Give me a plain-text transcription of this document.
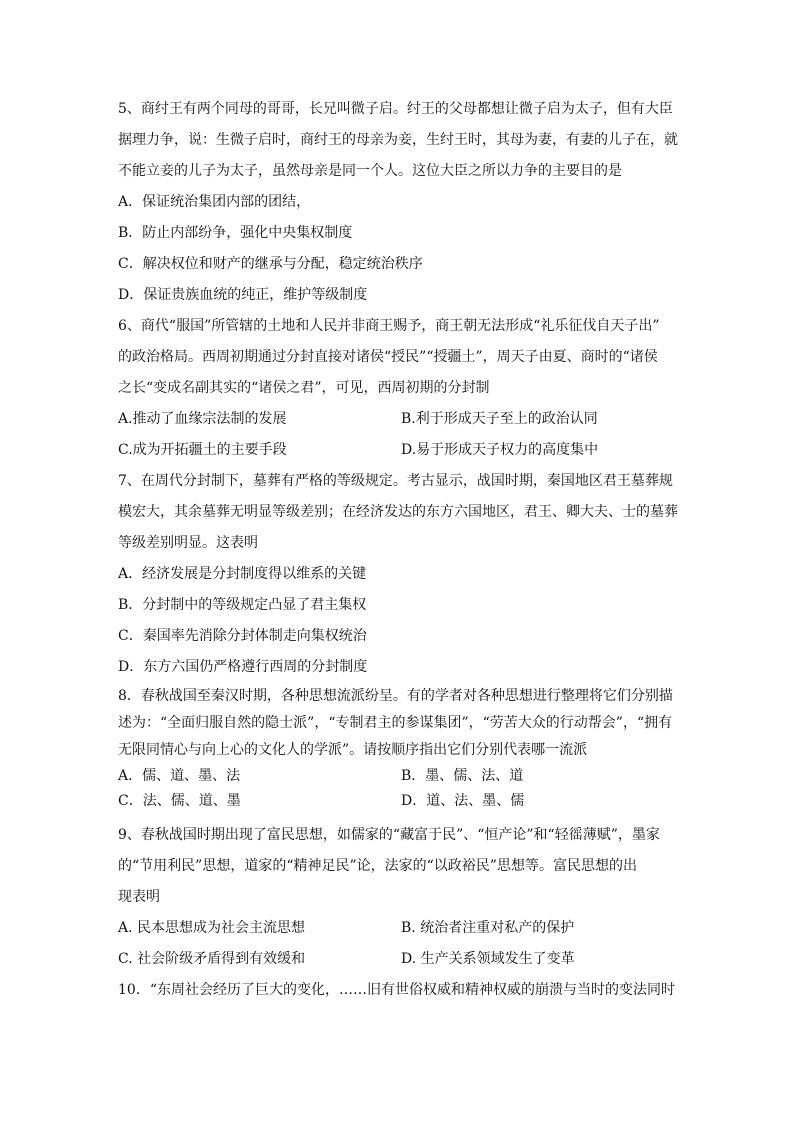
5、商纣王有两个同母的哥哥，长兄叫微子启。纣王的父母都想让微子启为太子，但有大臣
据理力争，说：生微子启时，商纣王的母亲为妾，生纣王时，其母为妻，有妻的儿子在，就
不能立妾的儿子为太子，虽然母亲是同一个人。这位大臣之所以力争的主要目的是
A．保证统治集团内部的团结，
B．防止内部纷争，强化中央集权制度
C．解决权位和财产的继承与分配，稳定统治秩序
D．保证贵族血统的纯正，维护等级制度
6、商代“服国”所管辖的土地和人民并非商王赐予，商王朝无法形成“礼乐征伐自天子出”
的政治格局。西周初期通过分封直接对诸侯“授民”“授疆土”，周天子由夏、商时的“诸侯
之长“变成名副其实的“诸侯之君”，可见，西周初期的分封制
A.推动了血缘宗法制的发展	B.利于形成天子至上的政治认同
C.成为开拓疆土的主要手段	D.易于形成天子权力的高度集中
7、在周代分封制下，墓葬有严格的等级规定。考古显示，战国时期，秦国地区君王墓葬规
模宏大，其余墓葬无明显等级差别；在经济发达的东方六国地区，君王、卿大夫、士的墓葬
等级差别明显。这表明
A．经济发展是分封制度得以维系的关键
B．分封制中的等级规定凸显了君主集权
C．秦国率先消除分封体制走向集权统治
D．东方六国仍严格遵行西周的分封制度
8．春秋战国至秦汉时期，各种思想流派纷呈。有的学者对各种思想进行整理将它们分别描
述为：“全面归服自然的隐士派”，“专制君主的参谋集团”，“劳苦大众的行动帮会”，“拥有
无限同情心与向上心的文化人的学派”。请按顺序指出它们分别代表哪一流派
A．儒、道、墨、法	B．墨、儒、法、道
C．法、儒、道、墨	D．道、法、墨、儒
9、春秋战国时期出现了富民思想，如儒家的“藏富于民”、“恒产论”和“轻徭薄赋”，墨家
的“节用利民”思想，道家的“精神足民”论，法家的“以政裕民”思想等。富民思想的出
现表明
A. 民本思想成为社会主流思想	B. 统治者注重对私产的保护
C. 社会阶级矛盾得到有效缓和	D. 生产关系领域发生了变革
10．“东周社会经历了巨大的变化，……旧有世俗权威和精神权威的崩溃与当时的变法同时
